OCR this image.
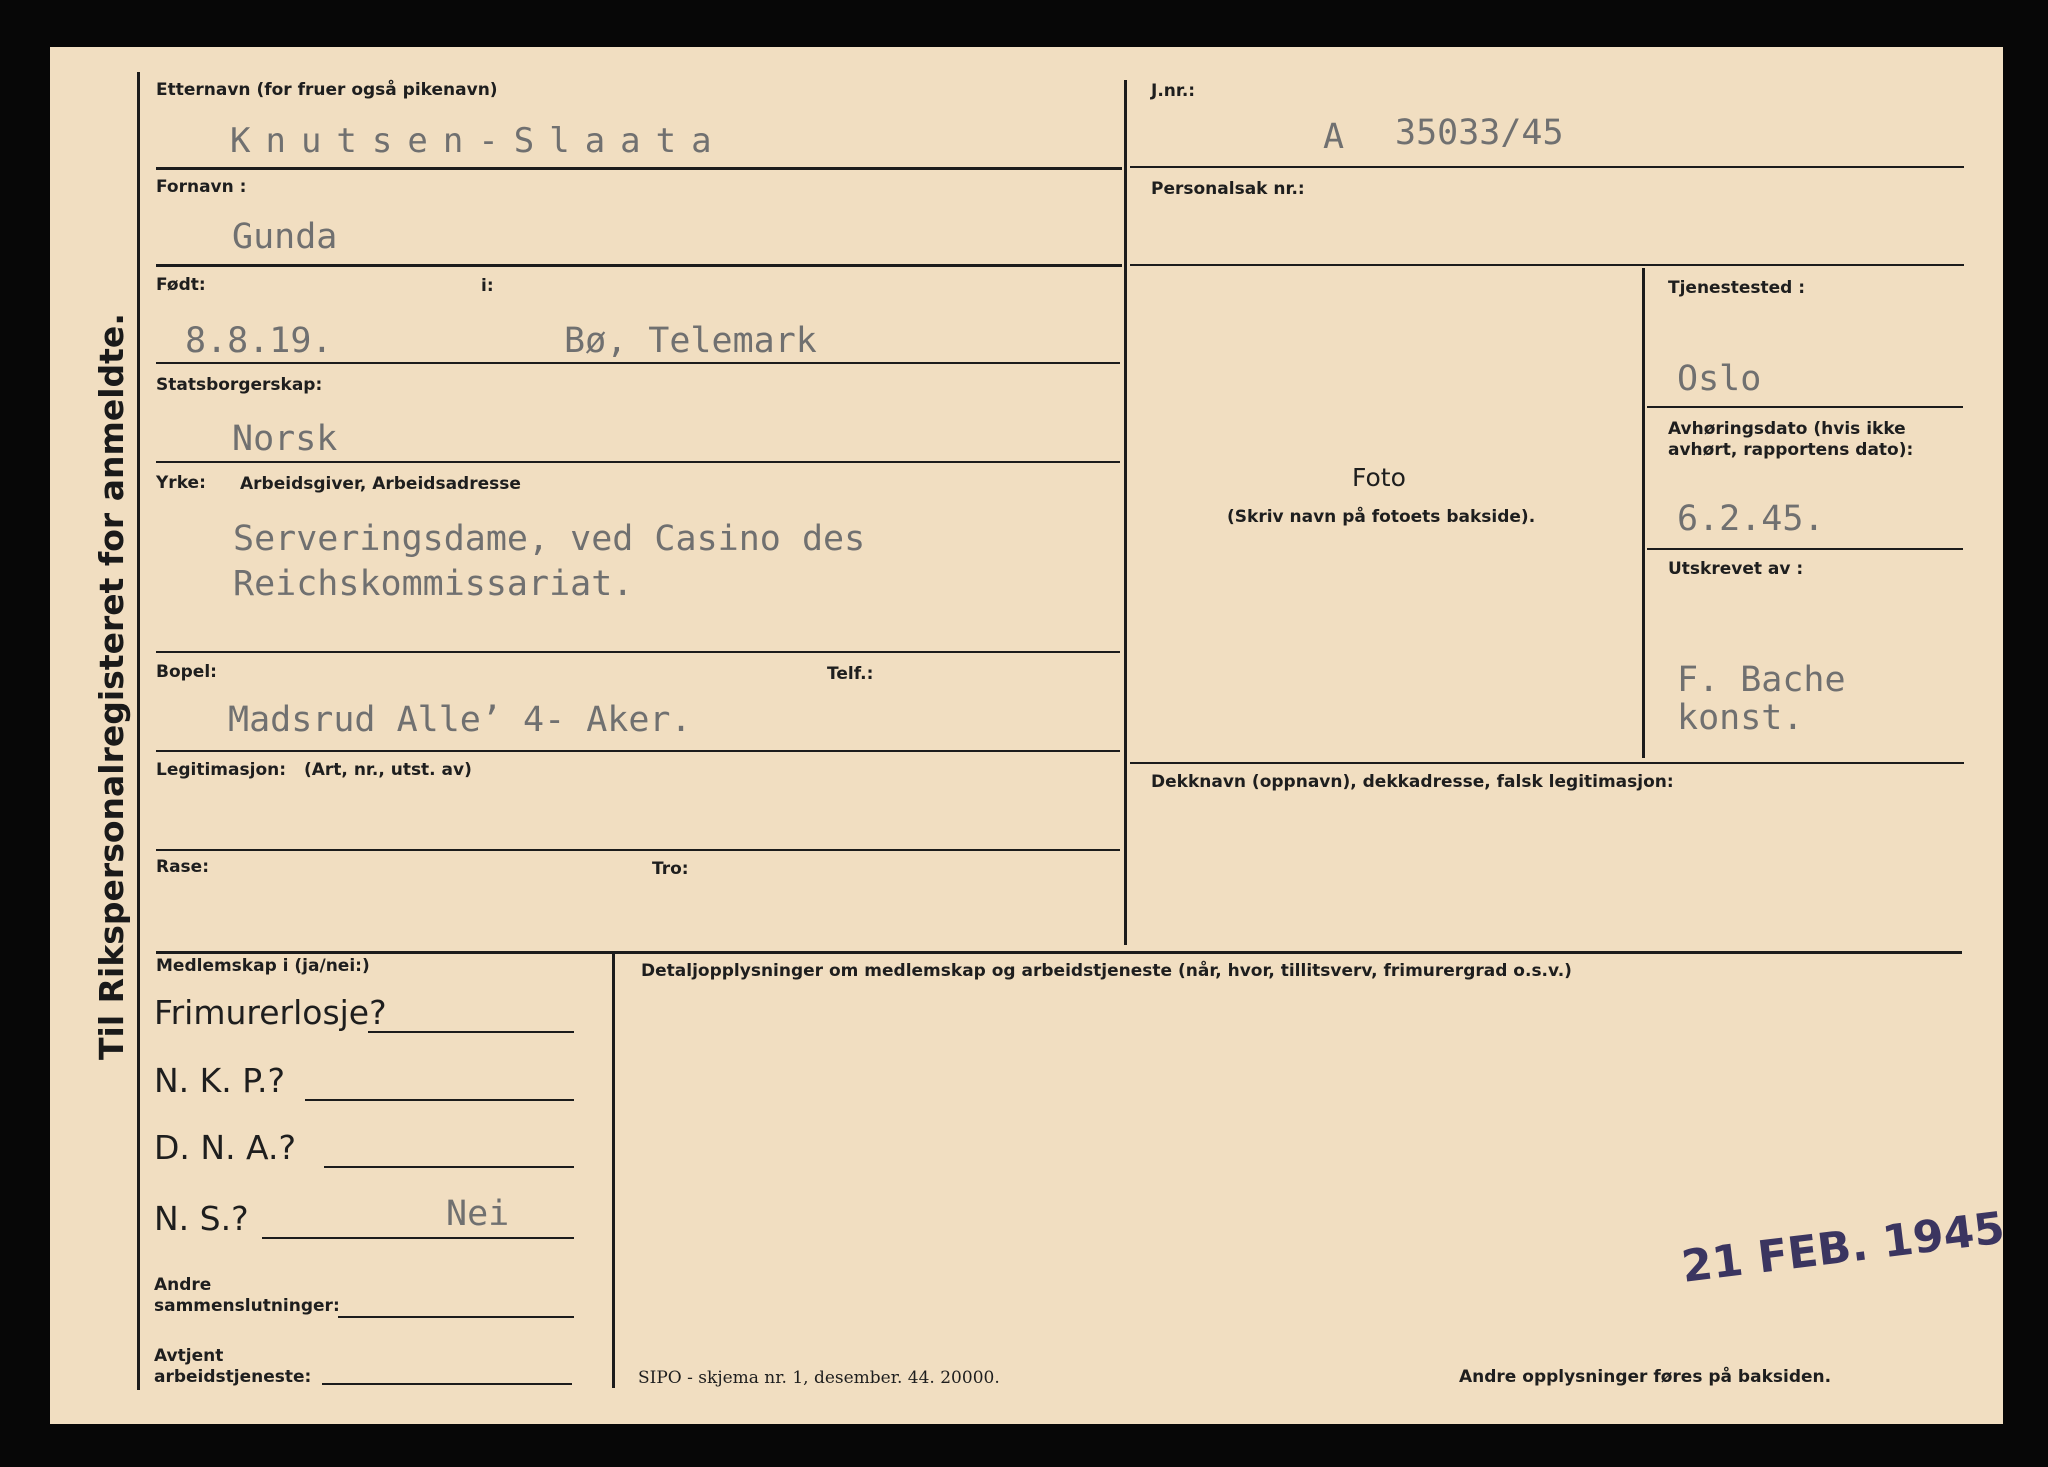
Til Rikspersonalregisteret for anmeldte.
Etternavn (for fruer også pikenavn)
Knutsen-Slaata
Fornavn :
Gunda
Født:	i:
8.8.19.	Bø, Telemark
Statsborgerskap:
Norsk
Yrke: Arbeidsgiver, Arbeidsadresse
Serveringsdame, ved Casino des
Reichskommissariat.
Bopel:	Telf.:
Madsrud Alle’ 4- Aker.
Legitimasjon: (Art, nr., utst. av)
Rase:	Tro:
J.nr.:
A 35033/45
Personalsak nr.:
Foto
(Skriv navn på fotoets bakside).
Tjenestested :
Oslo
Avhøringsdato (hvis ikke
avhørt, rapportens dato):
6.2.45.
Utskrevet av :
F. Bache
konst.
Dekknavn (oppnavn), dekkadresse, falsk legitimasjon:
Medlemskap i (ja/nei:)
Frimurerlosje?
N. K. P.?
D. N. A.?
N. S.?	Nei
Andre
sammenslutninger:
Avtjent
arbeidstjeneste:
Detaljopplysninger om medlemskap og arbeidstjeneste (når, hvor, tillitsverv, frimurergrad o.s.v.)
SIPO - skjema nr. 1, desember. 44. 20000.	Andre opplysninger føres på baksiden.
21 FEB. 1945
